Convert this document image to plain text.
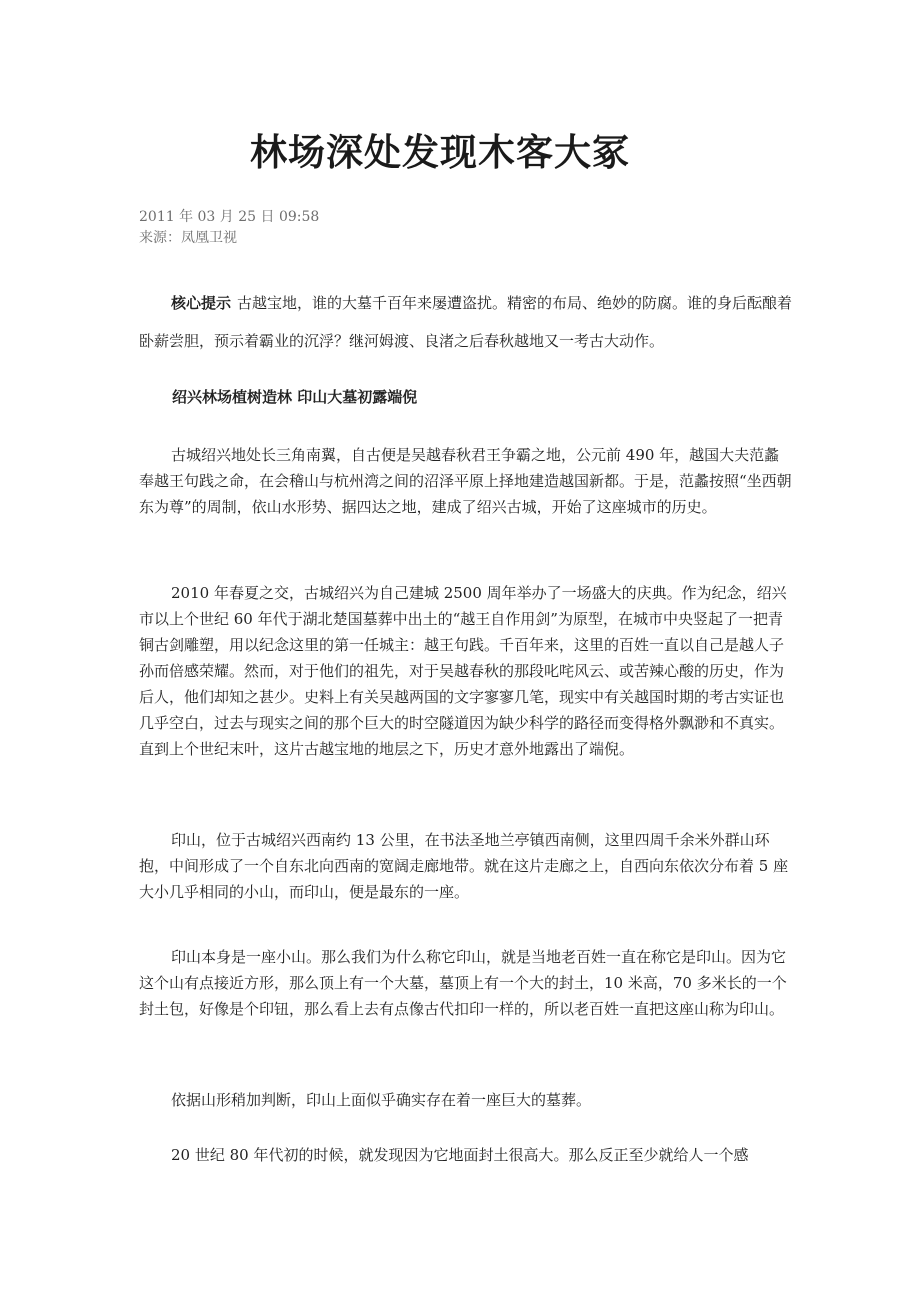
林场深处发现木客大冢
2011 年 03 月 25 日 09:58
来源：凤凰卫视

核心提示 古越宝地，谁的大墓千百年来屡遭盗扰。精密的布局、绝妙的防腐。谁的身后酝酿着卧薪尝胆，预示着霸业的沉浮？继河姆渡、良渚之后春秋越地又一考古大动作。

绍兴林场植树造林 印山大墓初露端倪

古城绍兴地处长三角南翼，自古便是吴越春秋君王争霸之地，公元前 490 年，越国大夫范蠡奉越王句践之命，在会稽山与杭州湾之间的沼泽平原上择地建造越国新都。于是，范蠡按照“坐西朝东为尊”的周制，依山水形势、据四达之地，建成了绍兴古城，开始了这座城市的历史。

2010 年春夏之交，古城绍兴为自己建城 2500 周年举办了一场盛大的庆典。作为纪念，绍兴市以上个世纪 60 年代于湖北楚国墓葬中出土的“越王自作用剑”为原型，在城市中央竖起了一把青铜古剑雕塑，用以纪念这里的第一任城主：越王句践。千百年来，这里的百姓一直以自己是越人子孙而倍感荣耀。然而，对于他们的祖先，对于吴越春秋的那段叱咤风云、或苦辣心酸的历史，作为后人，他们却知之甚少。史料上有关吴越两国的文字寥寥几笔，现实中有关越国时期的考古实证也几乎空白，过去与现实之间的那个巨大的时空隧道因为缺少科学的路径而变得格外飘渺和不真实。直到上个世纪末叶，这片古越宝地的地层之下，历史才意外地露出了端倪。

印山，位于古城绍兴西南约 13 公里，在书法圣地兰亭镇西南侧，这里四周千余米外群山环抱，中间形成了一个自东北向西南的宽阔走廊地带。就在这片走廊之上，自西向东依次分布着 5 座大小几乎相同的小山，而印山，便是最东的一座。

印山本身是一座小山。那么我们为什么称它印山，就是当地老百姓一直在称它是印山。因为它这个山有点接近方形，那么顶上有一个大墓，墓顶上有一个大的封土，10 米高，70 多米长的一个封土包，好像是个印钮，那么看上去有点像古代扣印一样的，所以老百姓一直把这座山称为印山。

依据山形稍加判断，印山上面似乎确实存在着一座巨大的墓葬。

20 世纪 80 年代初的时候，就发现因为它地面封土很高大。那么反正至少就给人一个感
